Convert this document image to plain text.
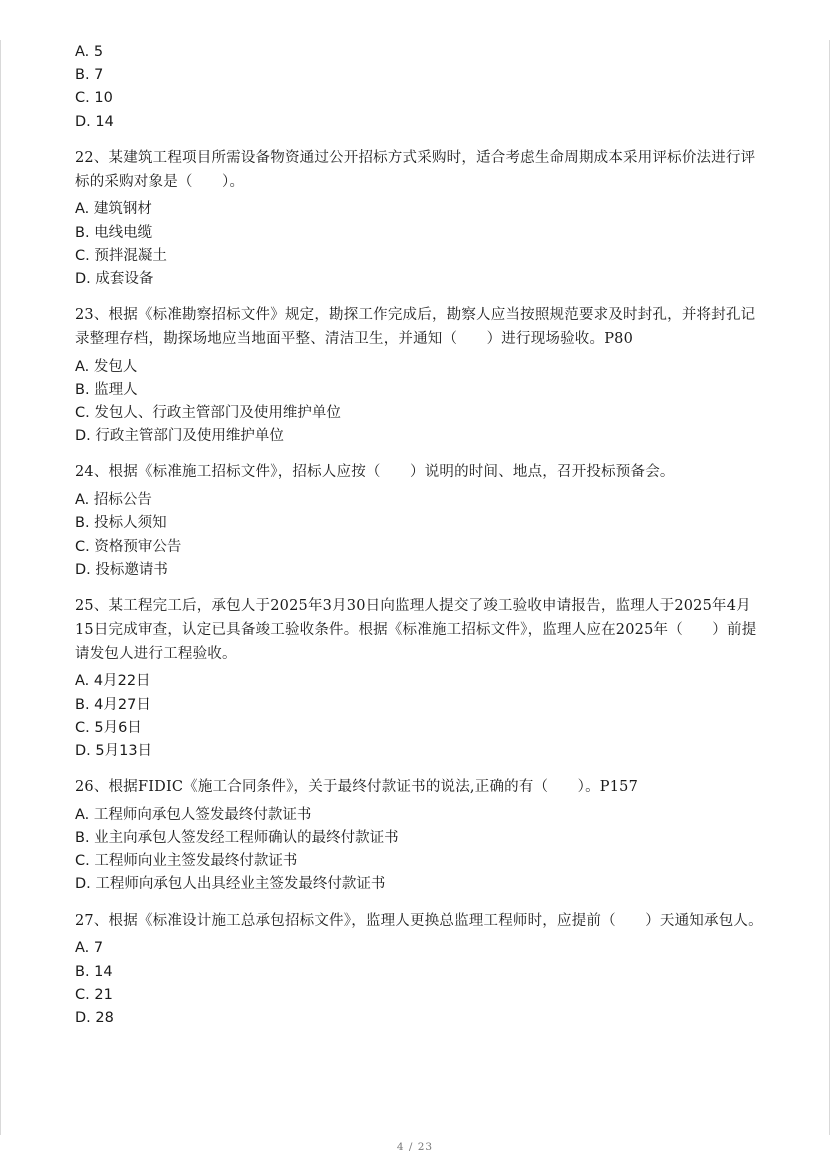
A. 5
B. 7
C. 10
D. 14
22、某建筑工程项目所需设备物资通过公开招标方式采购时，适合考虑生命周期成本采用评标价法进行评标的采购对象是（　　）。
A. 建筑钢材
B. 电线电缆
C. 预拌混凝土
D. 成套设备
23、根据《标准勘察招标文件》规定，勘探工作完成后，勘察人应当按照规范要求及时封孔，并将封孔记录整理存档，勘探场地应当地面平整、清洁卫生，并通知（　　）进行现场验收。P80
A. 发包人
B. 监理人
C. 发包人、行政主管部门及使用维护单位
D. 行政主管部门及使用维护单位
24、根据《标准施工招标文件》，招标人应按（　　）说明的时间、地点，召开投标预备会。
A. 招标公告
B. 投标人须知
C. 资格预审公告
D. 投标邀请书
25、某工程完工后，承包人于2025年3月30日向监理人提交了竣工验收申请报告，监理人于2025年4月15日完成审查，认定已具备竣工验收条件。根据《标准施工招标文件》，监理人应在2025年（　　）前提请发包人进行工程验收。
A. 4月22日
B. 4月27日
C. 5月6日
D. 5月13日
26、根据FIDIC《施工合同条件》，关于最终付款证书的说法,正确的有（　　）。P157
A. 工程师向承包人签发最终付款证书
B. 业主向承包人签发经工程师确认的最终付款证书
C. 工程师向业主签发最终付款证书
D. 工程师向承包人出具经业主签发最终付款证书
27、根据《标准设计施工总承包招标文件》，监理人更换总监理工程师时，应提前（　　）天通知承包人。
A. 7
B. 14
C. 21
D. 28
4 / 23
